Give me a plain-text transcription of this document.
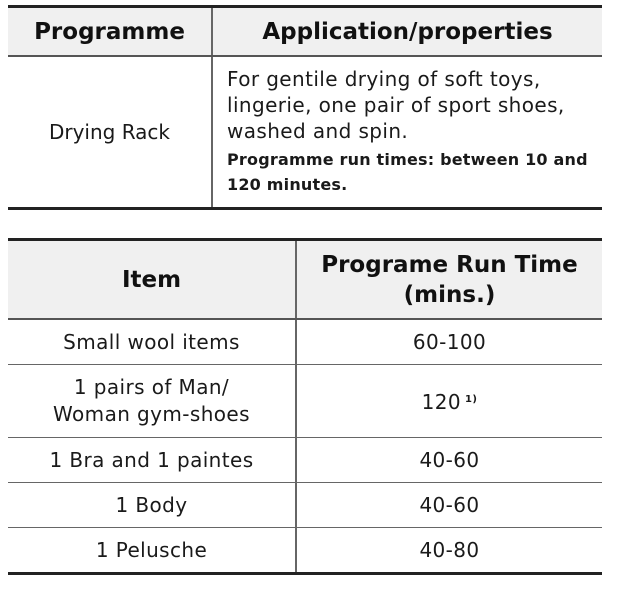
Programme	Application/properties
Drying Rack	For gentile drying of soft toys, lingerie, one pair of sport shoes, washed and spin.
Programme run times: between 10 and 120 minutes.
Item	Programe Run Time (mins.)
Small wool items	60-100
1 pairs of Man/ Woman gym-shoes	120 $^{1)}$
1 Bra and 1 paintes	40-60
1 Body	40-60
1 Pelusche	40-80
